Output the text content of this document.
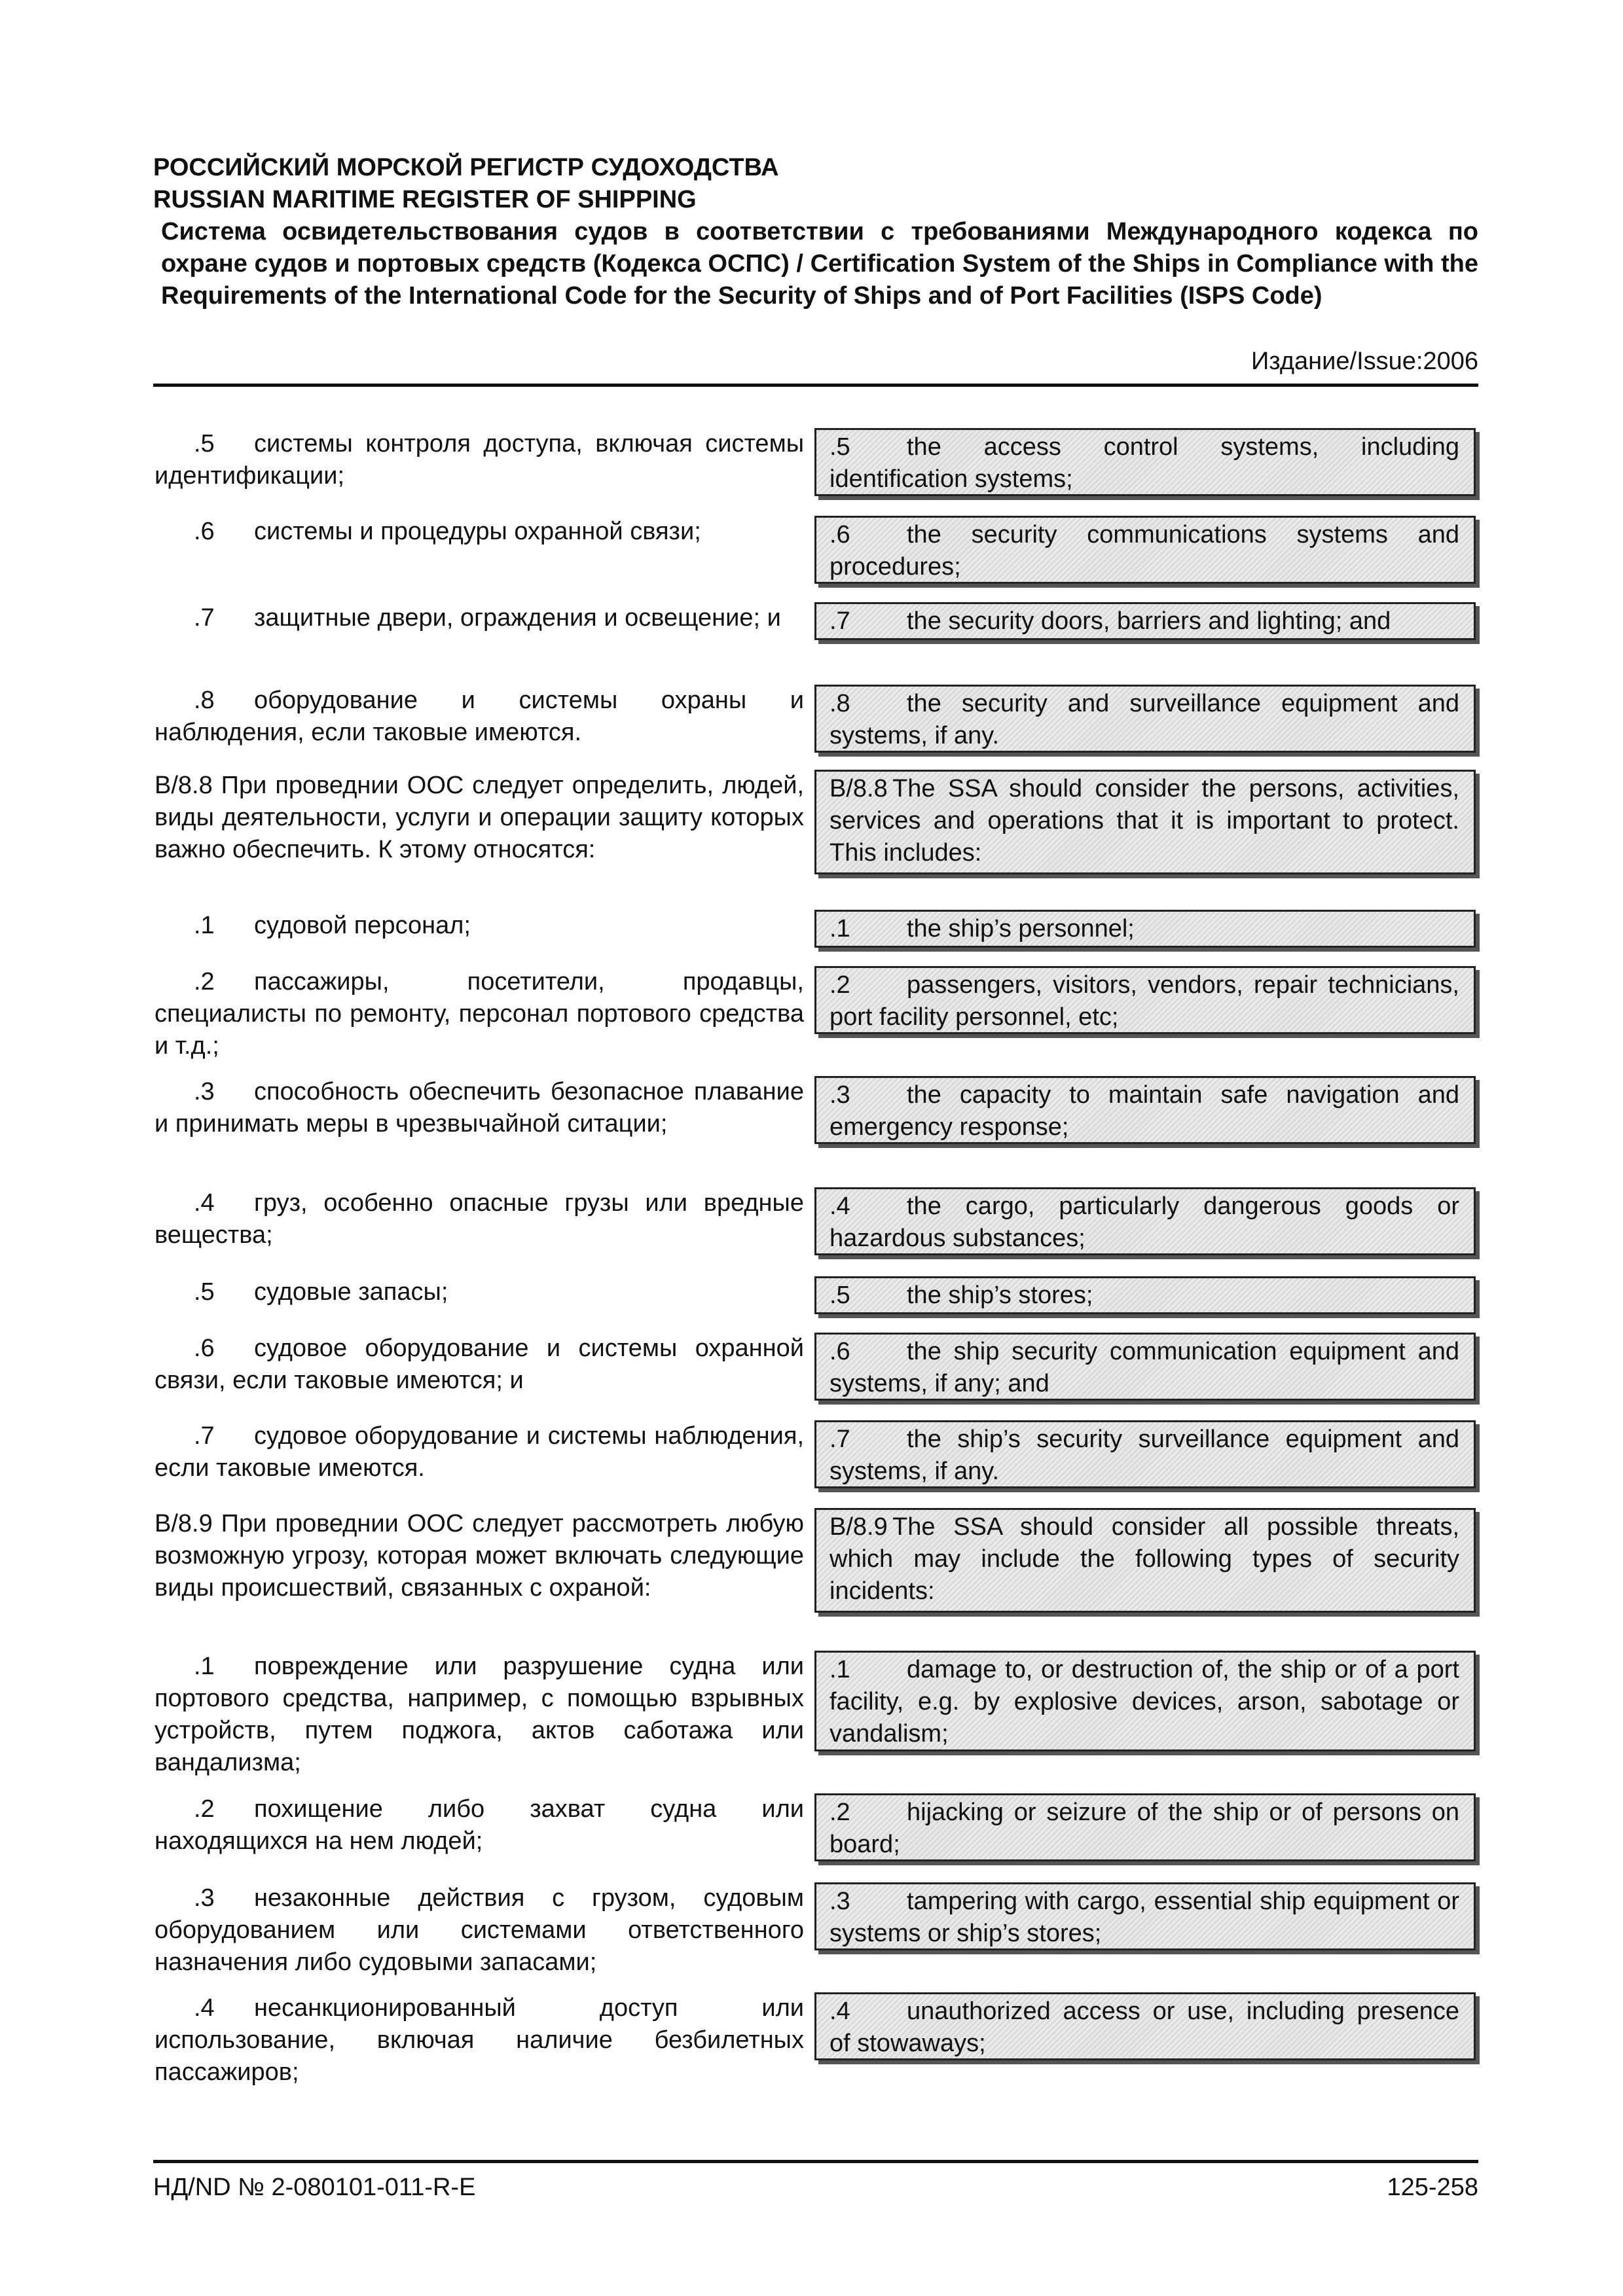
РОССИЙСКИЙ МОРСКОЙ РЕГИСТР СУДОХОДСТВА
RUSSIAN MARITIME REGISTER OF SHIPPING
Система освидетельствования судов в соответствии с требованиями Международного кодекса по охране судов и портовых средств (Кодекса ОСПС) / Certification System of the Ships in Compliance with the Requirements of the International Code for the Security of Ships and of Port Facilities (ISPS Code)
Издание/Issue:2006
.5 системы контроля доступа, включая системы идентификации;
.5 the access control systems, including identification systems;
.6 системы и процедуры охранной связи;	.6 the security communications systems and procedures;
.7 защитные двери, ограждения и освещение; и	.7 the security doors, barriers and lighting; and
.8 оборудование и системы охраны и наблюдения, если таковые имеются.
.8 the security and surveillance equipment and systems, if any.
B/8.8 При проведнии ООС следует определить, людей, виды деятельности, услуги и операции защиту которых важно обеспечить. К этому относятся:
B/8.8 The SSA should consider the persons, activities, services and operations that it is important to protect. This includes:
.1 судовой персонал;	.1 the ship’s personnel;
.2 пассажиры, посетители, продавцы, специалисты по ремонту, персонал портового средства и т.д.;
.2 passengers, visitors, vendors, repair technicians, port facility personnel, etc;
.3 способность обеспечить безопасное плавание и принимать меры в чрезвычайной ситации;
.3 the capacity to maintain safe navigation and emergency response;
.4 груз, особенно опасные грузы или вредные вещества;
.4 the cargo, particularly dangerous goods or hazardous substances;
.5 судовые запасы;	.5 the ship’s stores;
.6 судовое оборудование и системы охранной связи, если таковые имеются; и
.6 the ship security communication equipment and systems, if any; and
.7 судовое оборудование и системы наблюдения, если таковые имеются.
.7 the ship’s security surveillance equipment and systems, if any.
B/8.9 При проведнии ООС следует рассмотреть любую возможную угрозу, которая может включать следующие виды происшествий, связанных с охраной:
B/8.9 The SSA should consider all possible threats, which may include the following types of security incidents:
.1 повреждение или разрушение судна или портового средства, например, с помощью взрывных устройств, путем поджога, актов саботажа или вандализма;
.1 damage to, or destruction of, the ship or of a port facility, e.g. by explosive devices, arson, sabotage or vandalism;
.2 похищение либо захват судна или находящихся на нем людей;
.2 hijacking or seizure of the ship or of persons on board;
.3 незаконные действия с грузом, судовым оборудованием или системами ответственного назначения либо судовыми запасами;
.3 tampering with cargo, essential ship equipment or systems or ship’s stores;
.4 несанкционированный доступ или использование, включая наличие безбилетных пассажиров;
.4 unauthorized access or use, including presence of stowaways;
НД/ND № 2-080101-011-R-E	125-258
